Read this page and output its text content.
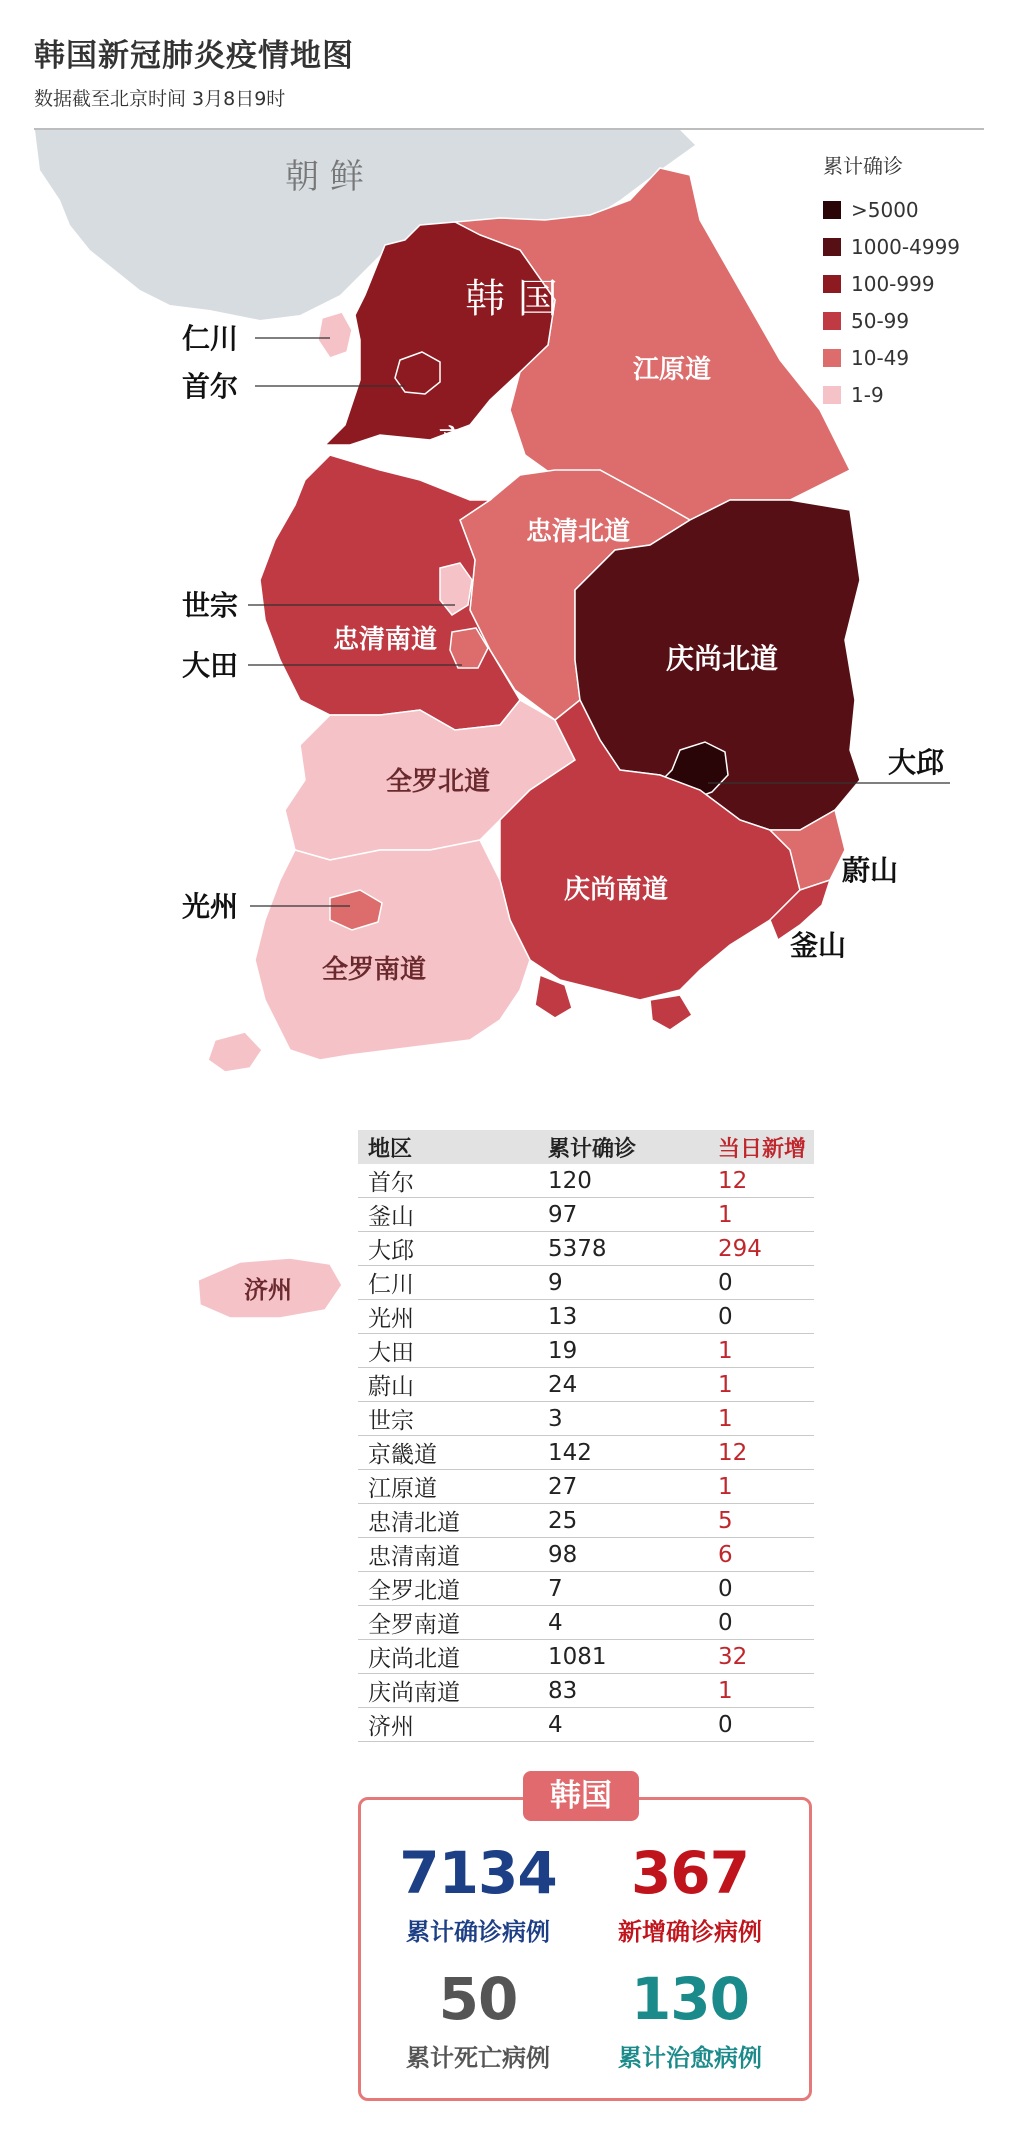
韩国新冠肺炎疫情地图
数据截至北京时间 3月8日9时
朝 鲜
韩 国
京畿道
江原道
忠清北道
忠清南道
庆尚北道
全罗北道
庆尚南道
全罗南道
济州
仁川
首尔
世宗
大田
光州
大邱
蔚山
釜山
累计确诊
>5000
1000-4999
100-999
50-99
10-49
1-9
地区	累计确诊	当日新增
首尔	120	12
釜山	97	1
大邱	5378	294
仁川	9	0
光州	13	0
大田	19	1
蔚山	24	1
世宗	3	1
京畿道	142	12
江原道	27	1
忠清北道	25	5
忠清南道	98	6
全罗北道	7	0
全罗南道	4	0
庆尚北道	1081	32
庆尚南道	83	1
济州	4	0
韩国
7134
累计确诊病例
367
新增确诊病例
50
累计死亡病例
130
累计治愈病例
